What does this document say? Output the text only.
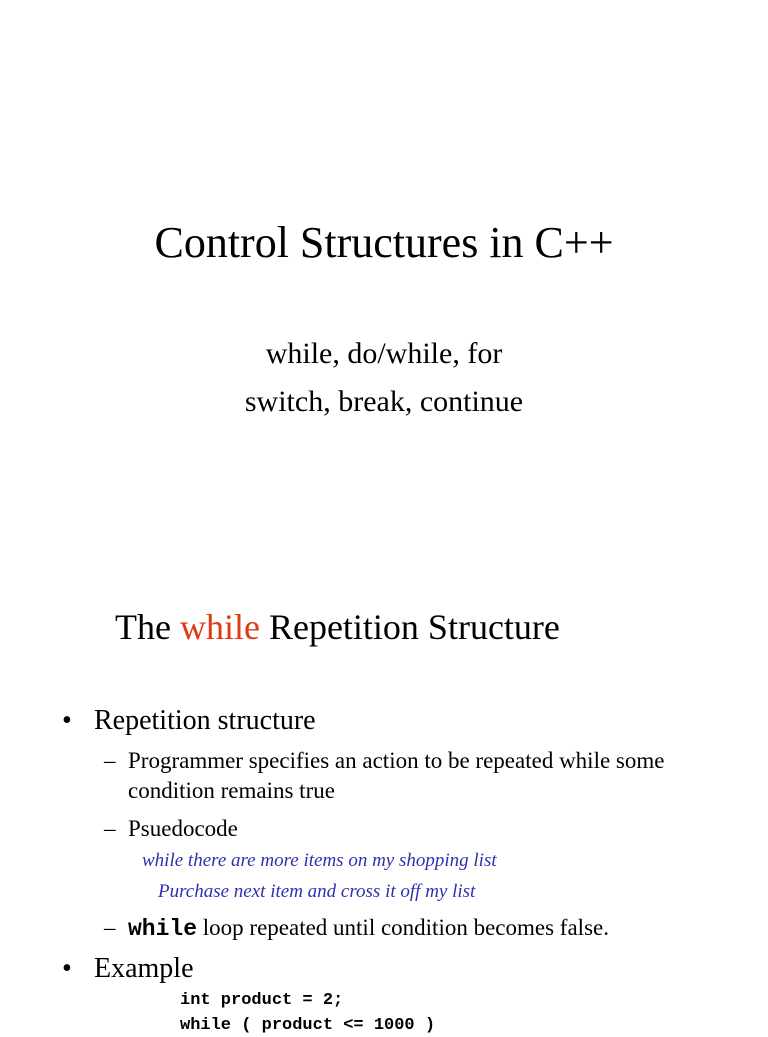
Control Structures in C++
while, do/while, for
switch, break, continue
The while Repetition Structure
• Repetition structure
– Programmer specifies an action to be repeated while some condition remains true
– Psuedocode
while there are more items on my shopping list
Purchase next item and cross it off my list
– while loop repeated until condition becomes false.
• Example
int product = 2;
while ( product <= 1000 )
